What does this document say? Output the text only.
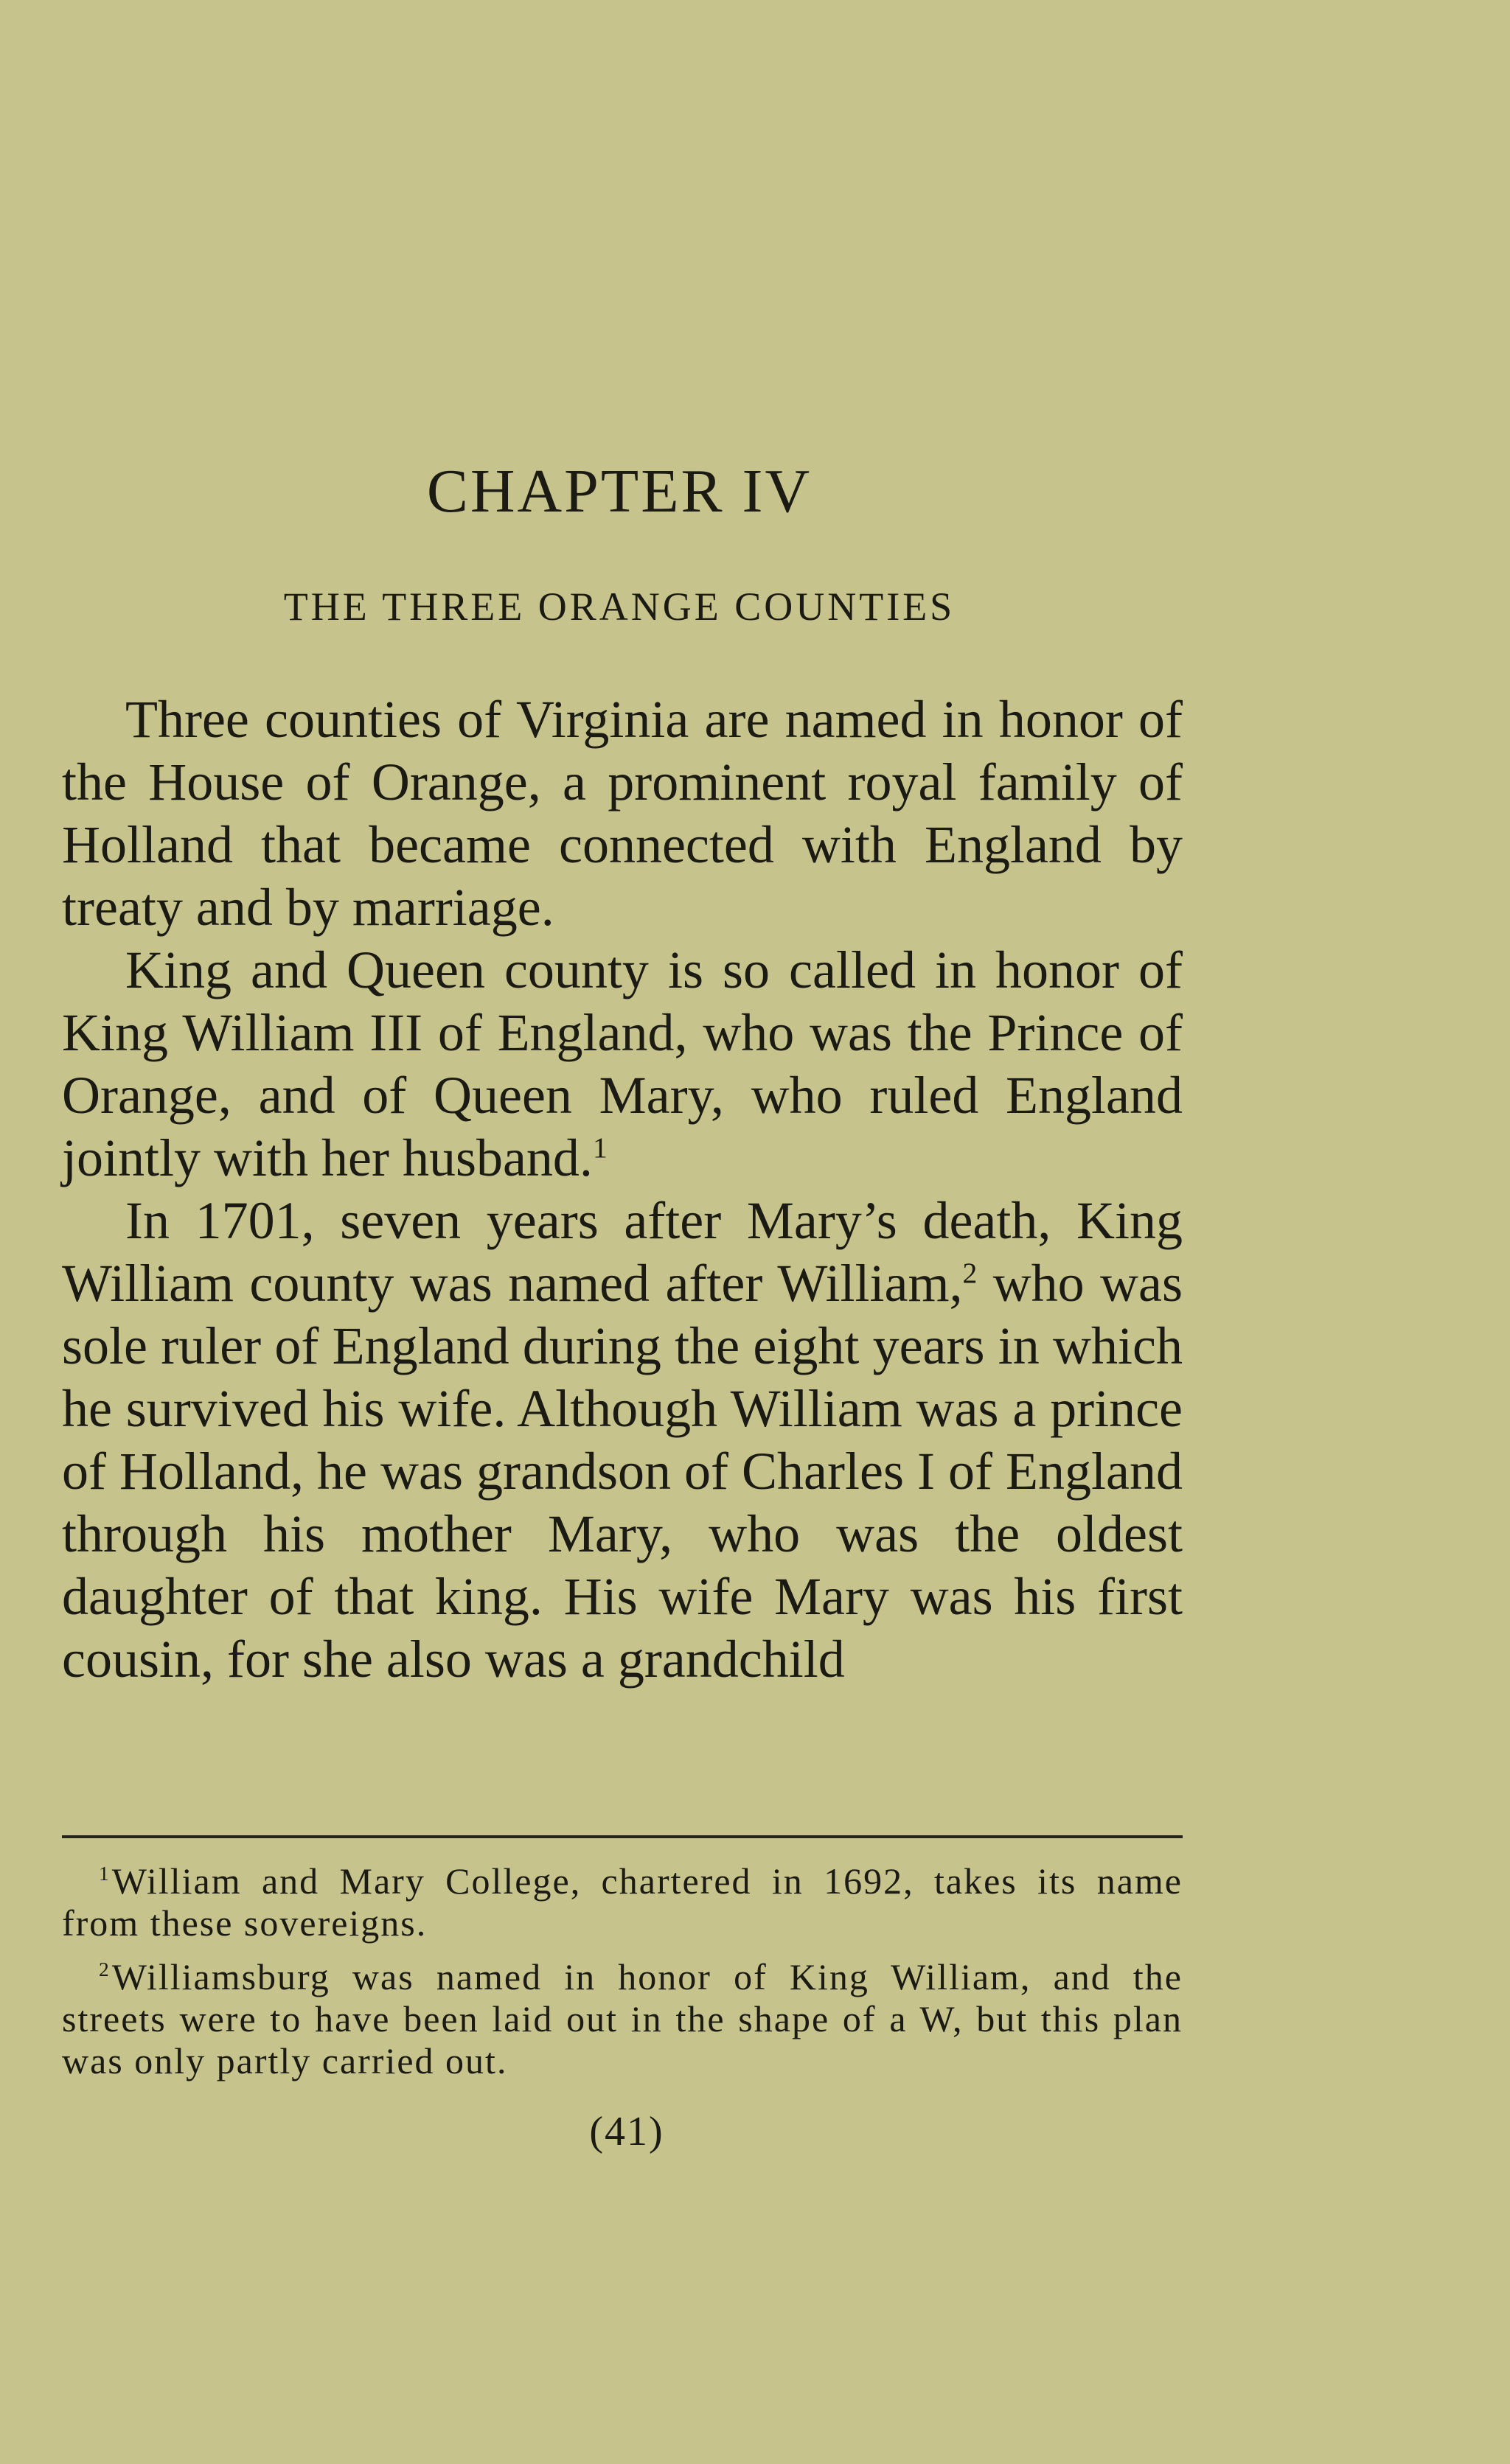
CHAPTER IV
THE THREE ORANGE COUNTIES

Three counties of Virginia are named in honor of the House of Orange, a prominent royal family of Holland that became connected with England by treaty and by marriage.

King and Queen county is so called in honor of King William III of England, who was the Prince of Orange, and of Queen Mary, who ruled England jointly with her husband.$^1$

In 1701, seven years after Mary’s death, King William county was named after William,$^2$ who was sole ruler of England during the eight years in which he survived his wife. Although William was a prince of Holland, he was grandson of Charles I of England through his mother Mary, who was the oldest daughter of that king. His wife Mary was his first cousin, for she also was a grandchild

$^1$William and Mary College, chartered in 1692, takes its name from these sovereigns.

$^2$Williamsburg was named in honor of King William, and the streets were to have been laid out in the shape of a W, but this plan was only partly carried out.

(41)
